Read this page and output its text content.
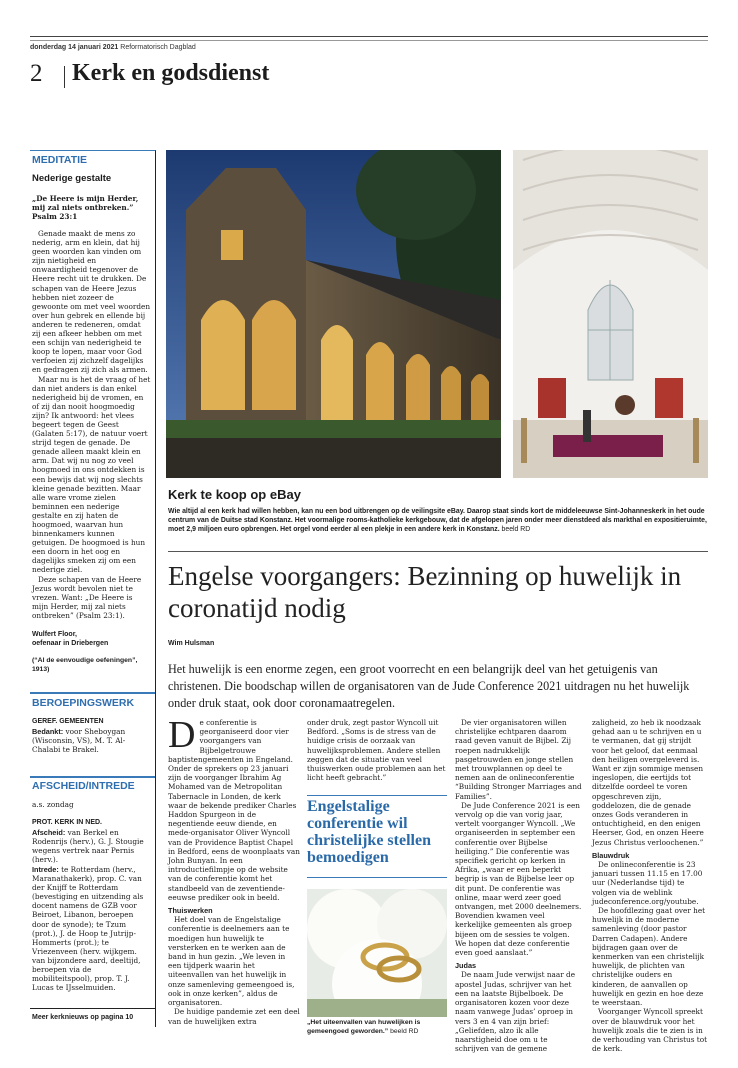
donderdag 14 januari 2021 Reformatorisch Dagblad
2 Kerk en godsdienst
MEDITATIE
Nederige gestalte
„De Heere is mijn Herder, mij zal niets ontbreken.”
Psalm 23:1

Genade maakt de mens zo nederig, arm en klein, dat hij geen woorden kan vinden om zijn nietigheid en onwaardigheid tegenover de Heere recht uit te drukken. De schapen van de Heere Jezus hebben niet zozeer de gewoonte om met veel woorden over hun gebrek en ellende bij anderen te redeneren, omdat zij een afkeer hebben om met een schijn van nederigheid te koop te lopen, maar voor God verfoeien zij zichzelf dagelijks en gedragen zij zich als armen.

Maar nu is het de vraag of het dan niet anders is dan enkel nederigheid bij de vromen, en of zij dan nooit hoogmoedig zijn? Ik antwoord: het vlees begeert tegen de Geest (Galaten 5:17), de natuur voert strijd tegen de genade. De genade alleen maakt klein en arm. Dat wij nu nog zo veel hoogmoed in ons ontdekken is een bewijs dat wij nog slechts kleine genade bezitten. Maar alle ware vrome zielen beminnen een nederige gestalte en zij haten de hoogmoed, waarvan hun binnenkamers kunnen getuigen. De hoogmoed is hun een doorn in het oog en dagelijks smeken zij om een nederige ziel.

Deze schapen van de Heere Jezus wordt bevolen niet te vrezen. Want: „De Heere is mijn Herder, mij zal niets ontbreken” (Psalm 23:1).

Wulfert Floor,
oefenaar in Driebergen
(“Al de eenvoudige oefeningen”, 1913)
BEROEPINGSWERK
GEREF. GEMEENTEN
Bedankt: voor Sheboygan (Wisconsin, VS), M. T. Al-Chalabi te Brakel.
AFSCHEID/INTREDE
a.s. zondag
PROT. KERK IN NED.
Afscheid: van Berkel en Rodenrijs (herv.), G. J. Stougie wegens vertrek naar Pernis (herv.).
Intrede: te Rotterdam (herv., Maranathakerk), prop. C. van der Knijff te Rotterdam (bevestiging en uitzending als docent namens de GZB voor Beiroet, Libanon, beroepen door de synode); te Tzum (prot.), J. de Hoop te Jutrijp-Hommerts (prot.); te Vriezenveen (herv. wijkgem. van bijzondere aard, deeltijd, beroepen via de mobiliteitspool), prop. T. J. Lucas te IJsselmuiden.
Meer kerknieuws op pagina 10
Kerk te koop op eBay
Wie altijd al een kerk had willen hebben, kan nu een bod uitbrengen op de veilingsite eBay. Daarop staat sinds kort de middeleeuwse Sint-Johanneskerk in het oude centrum van de Duitse stad Konstanz. Het voormalige rooms-katholieke kerkgebouw, dat de afgelopen jaren onder meer dienstdeed als markthal en expositieruimte, moet 2,9 miljoen euro opbrengen. Het orgel vond eerder al een plekje in een andere kerk in Konstanz. beeld RD
Engelse voorgangers: Bezinning op huwelijk in coronatijd nodig
Wim Hulsman
Het huwelijk is een enorme zegen, een groot voorrecht en een belangrijk deel van het getuigenis van christenen. Die boodschap willen de organisatoren van de Jude Conference 2021 uitdragen nu het huwelijk onder druk staat, ook door coronamaatregelen.
D e conferentie is georganiseerd door vier voorgangers van Bijbelgetrouwe baptistengemeenten in Engeland. Onder de sprekers op 23 januari zijn de voorganger Ibrahim Ag Mohamed van de Metropolitan Tabernacle in Londen, de kerk waar de bekende prediker Charles Haddon Spurgeon in de negentiende eeuw diende, en mede-organisator Oliver Wyncoll van de Providence Baptist Chapel in Bedford, eens de woonplaats van John Bunyan. In een introductiefilmpje op de website van de conferentie komt het standbeeld van de zeventiende-eeuwse prediker ook in beeld.

Thuiswerken

Het doel van de Engelstalige conferentie is deelnemers aan te moedigen hun huwelijk te versterken en te werken aan de band in hun gezin. „We leven in een tijdperk waarin het uiteenvallen van het huwelijk in onze samenleving gemeengoed is, ook in onze kerken”, aldus de organisatoren.

De huidige pandemie zet een deel van de huwelijken extra

onder druk, zegt pastor Wyncoll uit Bedford. „Soms is de stress van de huidige crisis de oorzaak van huwelijksproblemen. Andere stellen zeggen dat de situatie van veel thuiswerken oude problemen aan het licht heeft gebracht.”

Engelstalige conferentie wil christelijke stellen bemoedigen
„Het uiteenvallen van huwelijken is gemeengoed geworden.” beeld RD

De vier organisatoren willen christelijke echtparen daarom raad geven vanuit de Bijbel. Zij roepen nadrukkelijk pasgetrouwden en jonge stellen met trouwplannen op deel te nemen aan de onlineconferentie “Building Stronger Marriages and Families”.

De Jude Conference 2021 is een vervolg op die van vorig jaar, vertelt voorganger Wyncoll. „We organiseerden in september een conferentie over Bijbelse heiliging.” Die conferentie was specifiek gericht op kerken in Afrika, „waar er een beperkt begrip is van de Bijbelse leer op dit punt. De conferentie was online, maar werd zeer goed ontvangen, met 2000 deelnemers. Bovendien kwamen veel kerkelijke gemeenten als groep bijeen om de sessies te volgen. We hopen dat deze conferentie even goed aanslaat.”

Judas

De naam Jude verwijst naar de apostel Judas, schrijver van het een na laatste Bijbelboek. De organisatoren kozen voor deze naam vanwege Judas’ oproep in vers 3 en 4 van zijn brief: „Geliefden, alzo ik alle naarstigheid doe om u te schrijven van de gemene

zaligheid, zo heb ik noodzaak gehad aan u te schrijven en u te vermanen, dat gij strijdt voor het geloof, dat eenmaal den heiligen overgeleverd is. Want er zijn sommige mensen ingeslopen, die eertijds tot ditzelfde oordeel te voren opgeschreven zijn, goddelozen, die de genade onzes Gods veranderen in ontuchtigheid, en den enigen Heerser, God, en onzen Heere Jezus Christus verloochenen.”

Blauwdruk

De onlineconferentie is 23 januari tussen 11.15 en 17.00 uur (Nederlandse tijd) te volgen via de weblink judeconference.org/youtube.

De hoofdlezing gaat over het huwelijk in de moderne samenleving (door pastor Darren Cadapen). Andere bijdragen gaan over de kenmerken van een christelijk huwelijk, de plichten van christelijke ouders en kinderen, de aanvallen op huwelijk en gezin en hoe deze te weerstaan.

Voorganger Wyncoll spreekt over de blauwdruk voor het huwelijk zoals die te zien is in de verhouding van Christus tot de kerk.
